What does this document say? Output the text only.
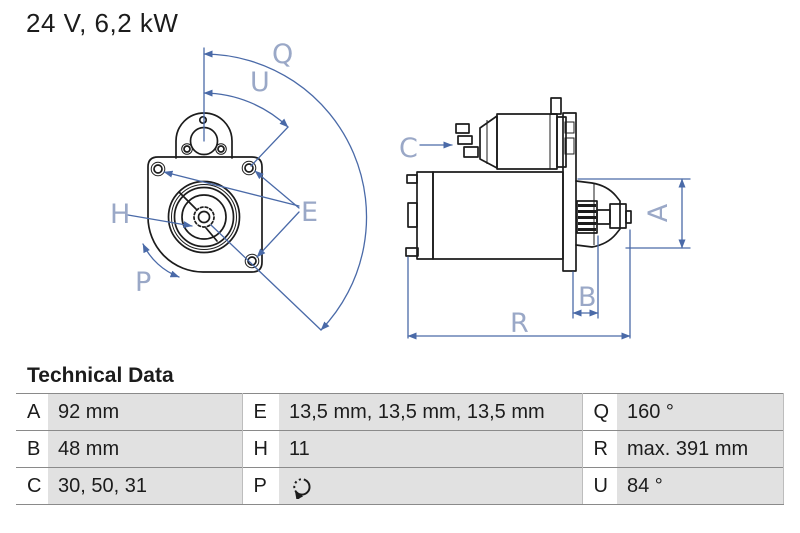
24 V, 6,2 kW
Q
U
E
H
P
C
A
B
R
Technical Data
A	92 mm	E	13,5 mm, 13,5 mm, 13,5 mm	Q	160 °
B	48 mm	H	11	R	max. 391 mm
C	30, 50, 31	P		U	84 °
